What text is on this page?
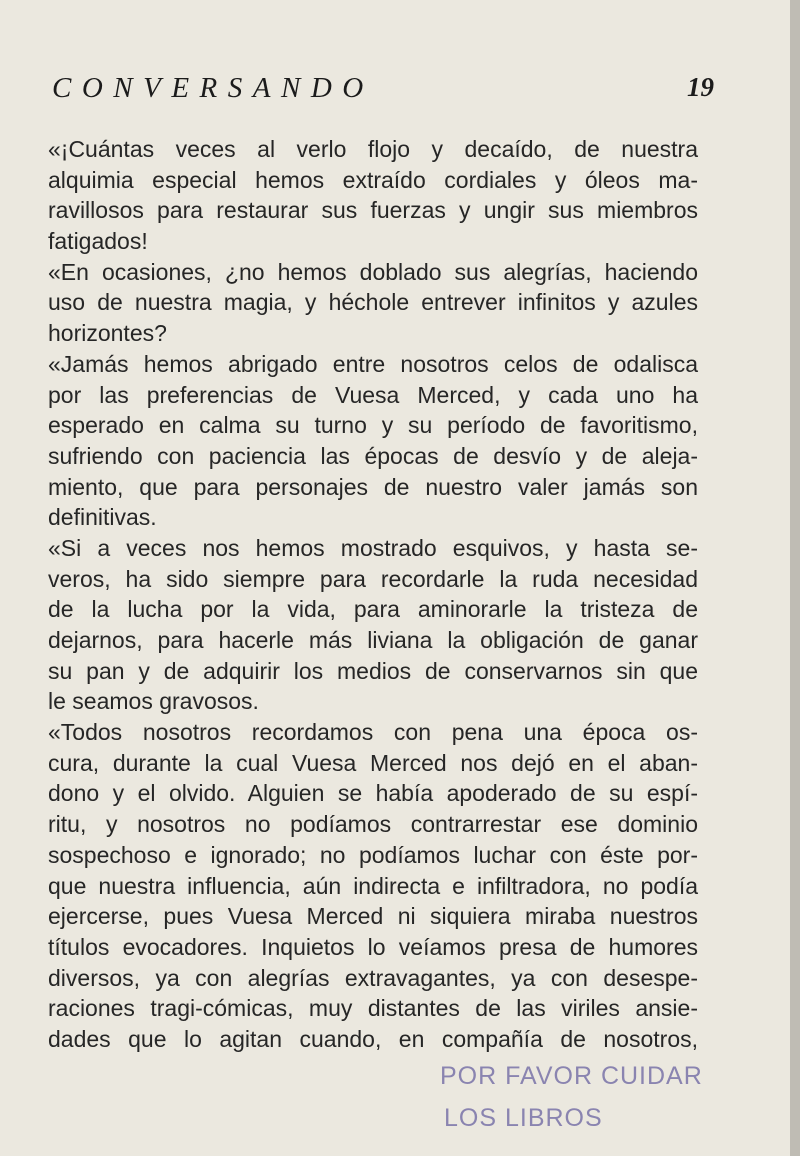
CONVERSANDO	19
«¡Cuántas veces al verlo flojo y decaído, de nuestra
alquimia especial hemos extraído cordiales y óleos ma-
ravillosos para restaurar sus fuerzas y ungir sus miembros
fatigados!
«En ocasiones, ¿no hemos doblado sus alegrías, haciendo
uso de nuestra magia, y héchole entrever infinitos y azules
horizontes?
«Jamás hemos abrigado entre nosotros celos de odalisca
por las preferencias de Vuesa Merced, y cada uno ha
esperado en calma su turno y su período de favoritismo,
sufriendo con paciencia las épocas de desvío y de aleja-
miento, que para personajes de nuestro valer jamás son
definitivas.
«Si a veces nos hemos mostrado esquivos, y hasta se-
veros, ha sido siempre para recordarle la ruda necesidad
de la lucha por la vida, para aminorarle la tristeza de
dejarnos, para hacerle más liviana la obligación de ganar
su pan y de adquirir los medios de conservarnos sin que
le seamos gravosos.
«Todos nosotros recordamos con pena una época os-
cura, durante la cual Vuesa Merced nos dejó en el aban-
dono y el olvido. Alguien se había apoderado de su espí-
ritu, y nosotros no podíamos contrarrestar ese dominio
sospechoso e ignorado; no podíamos luchar con éste por-
que nuestra influencia, aún indirecta e infiltradora, no podía
ejercerse, pues Vuesa Merced ni siquiera miraba nuestros
títulos evocadores. Inquietos lo veíamos presa de humores
diversos, ya con alegrías extravagantes, ya con desespe-
raciones tragi-cómicas, muy distantes de las viriles ansie-
dades que lo agitan cuando, en compañía de nosotros,
POR FAVOR CUIDAR
LOS LIBROS
